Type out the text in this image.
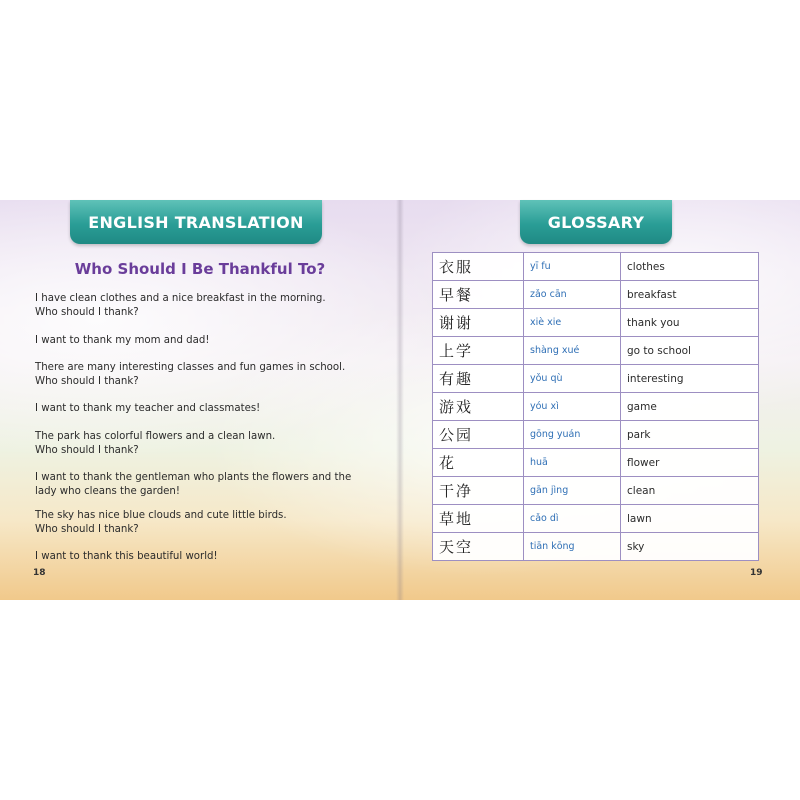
ENGLISH TRANSLATION
Who Should I Be Thankful To?

I have clean clothes and a nice breakfast in the morning.
Who should I thank?

I want to thank my mom and dad!

There are many interesting classes and fun games in school.
Who should I thank?

I want to thank my teacher and classmates!

The park has colorful flowers and a clean lawn.
Who should I thank?

I want to thank the gentleman who plants the flowers and the
lady who cleans the garden!

The sky has nice blue clouds and cute little birds.
Who should I thank?

I want to thank this beautiful world!

18
GLOSSARY
衣服	yī fu	clothes
早餐	zǎo cān	breakfast
谢谢	xiè xie	thank you
上学	shàng xué	go to school
有趣	yǒu qù	interesting
游戏	yóu xì	game
公园	gōng yuán	park
花	huā	flower
干净	gān jìng	clean
草地	cǎo dì	lawn
天空	tiān kōng	sky
19
